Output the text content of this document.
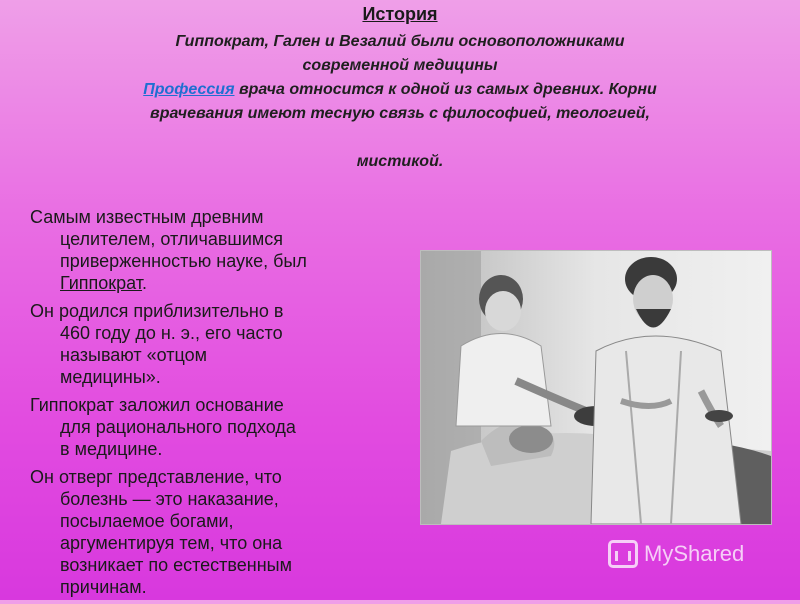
История

Гиппократ, Гален и Везалий были основоположниками

современной медицины

Профессия врача относится к одной из самых древних. Корни

врачевания имеют тесную связь с философией, теологией,

мистикой.

Самым известным древним
целителем, отличавшимся
приверженностью науке, был
Гиппократ.
Он родился приблизительно в
460 году до н. э., его часто
называют «отцом
медицины».
Гиппократ заложил основание
для рационального подхода
в медицине.
Он отверг представление, что
болезнь — это наказание,
посылаемое богами,
аргументируя тем, что она
возникает по естественным
причинам.
MyShared
